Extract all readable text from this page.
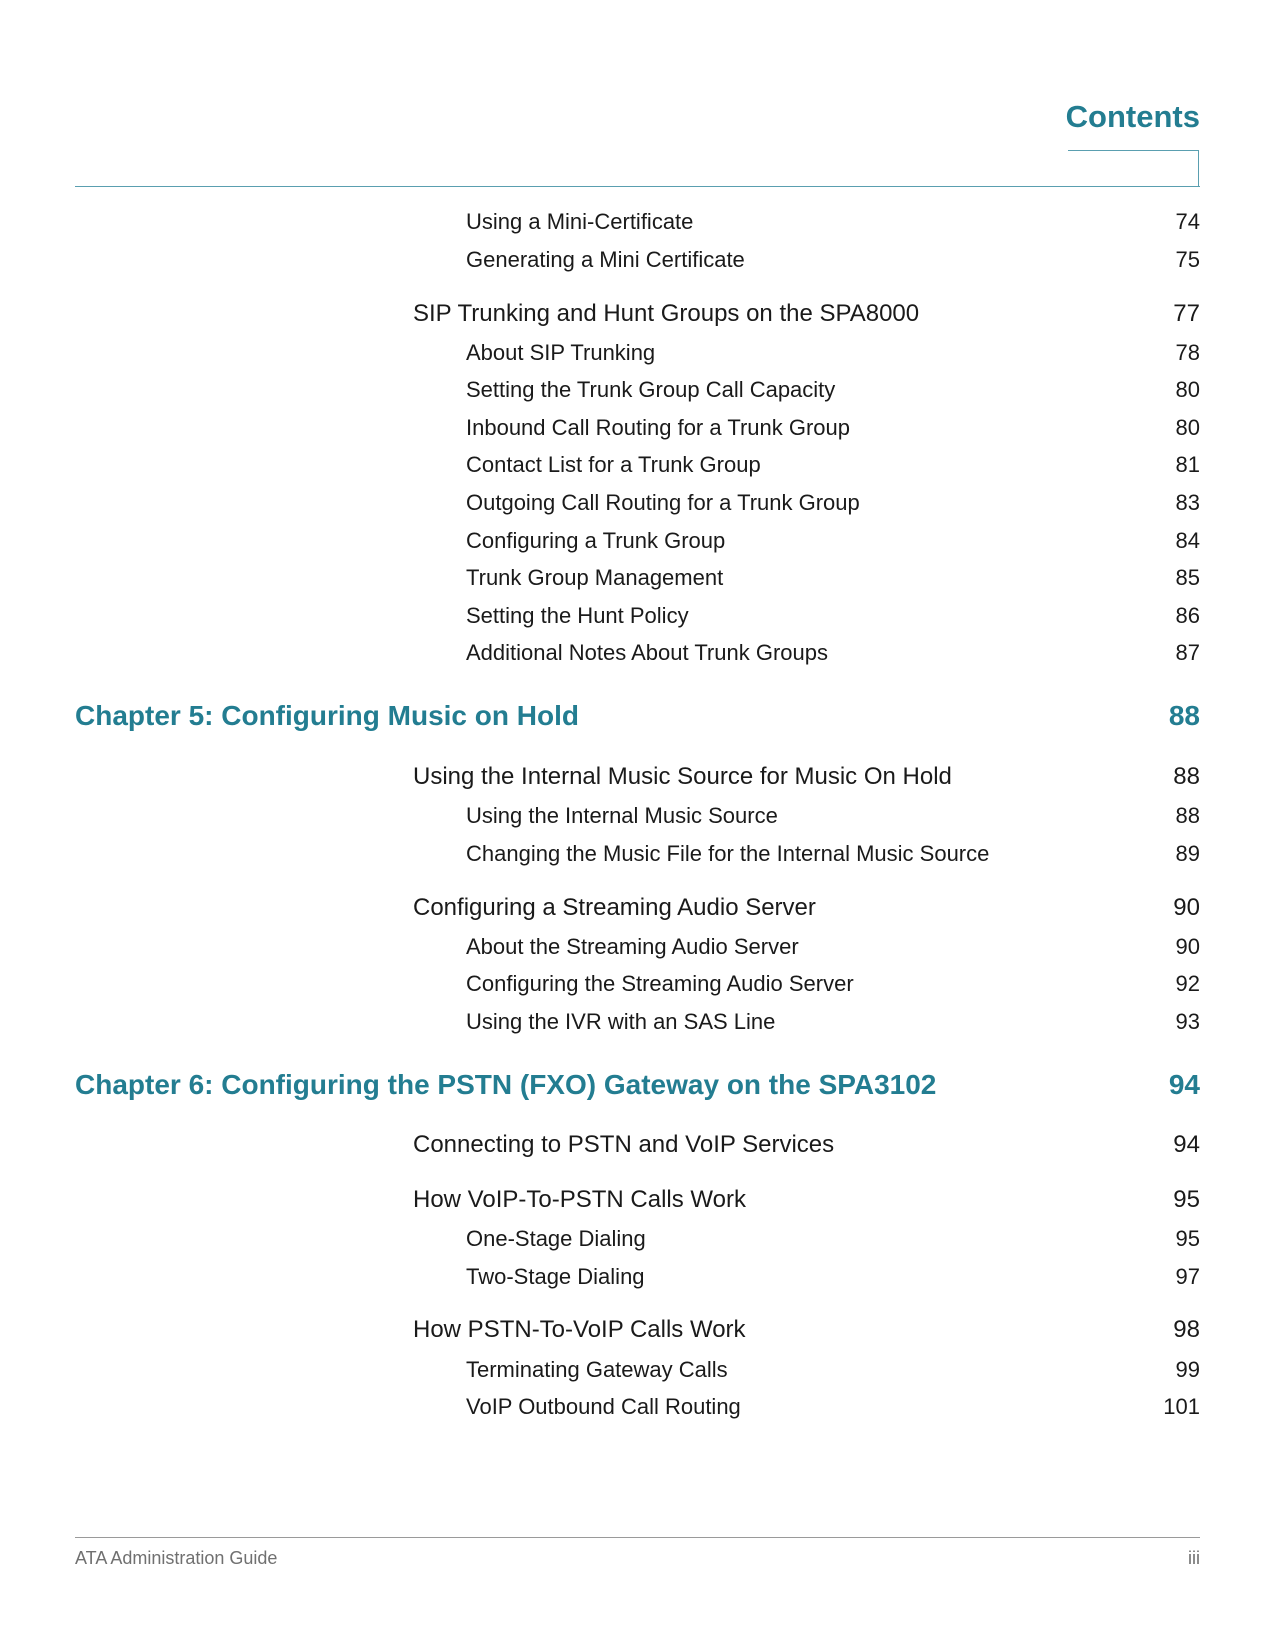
Contents
Using a Mini-Certificate	74
Generating a Mini Certificate	75
SIP Trunking and Hunt Groups on the SPA8000	77
About SIP Trunking	78
Setting the Trunk Group Call Capacity	80
Inbound Call Routing for a Trunk Group	80
Contact List for a Trunk Group	81
Outgoing Call Routing for a Trunk Group	83
Configuring a Trunk Group	84
Trunk Group Management	85
Setting the Hunt Policy	86
Additional Notes About Trunk Groups	87
Chapter 5: Configuring Music on Hold	88
Using the Internal Music Source for Music On Hold	88
Using the Internal Music Source	88
Changing the Music File for the Internal Music Source	89
Configuring a Streaming Audio Server	90
About the Streaming Audio Server	90
Configuring the Streaming Audio Server	92
Using the IVR with an SAS Line	93
Chapter 6: Configuring the PSTN (FXO) Gateway on the SPA3102	94
Connecting to PSTN and VoIP Services	94
How VoIP-To-PSTN Calls Work	95
One-Stage Dialing	95
Two-Stage Dialing	97
How PSTN-To-VoIP Calls Work	98
Terminating Gateway Calls	99
VoIP Outbound Call Routing	101
ATA Administration Guide	iii
